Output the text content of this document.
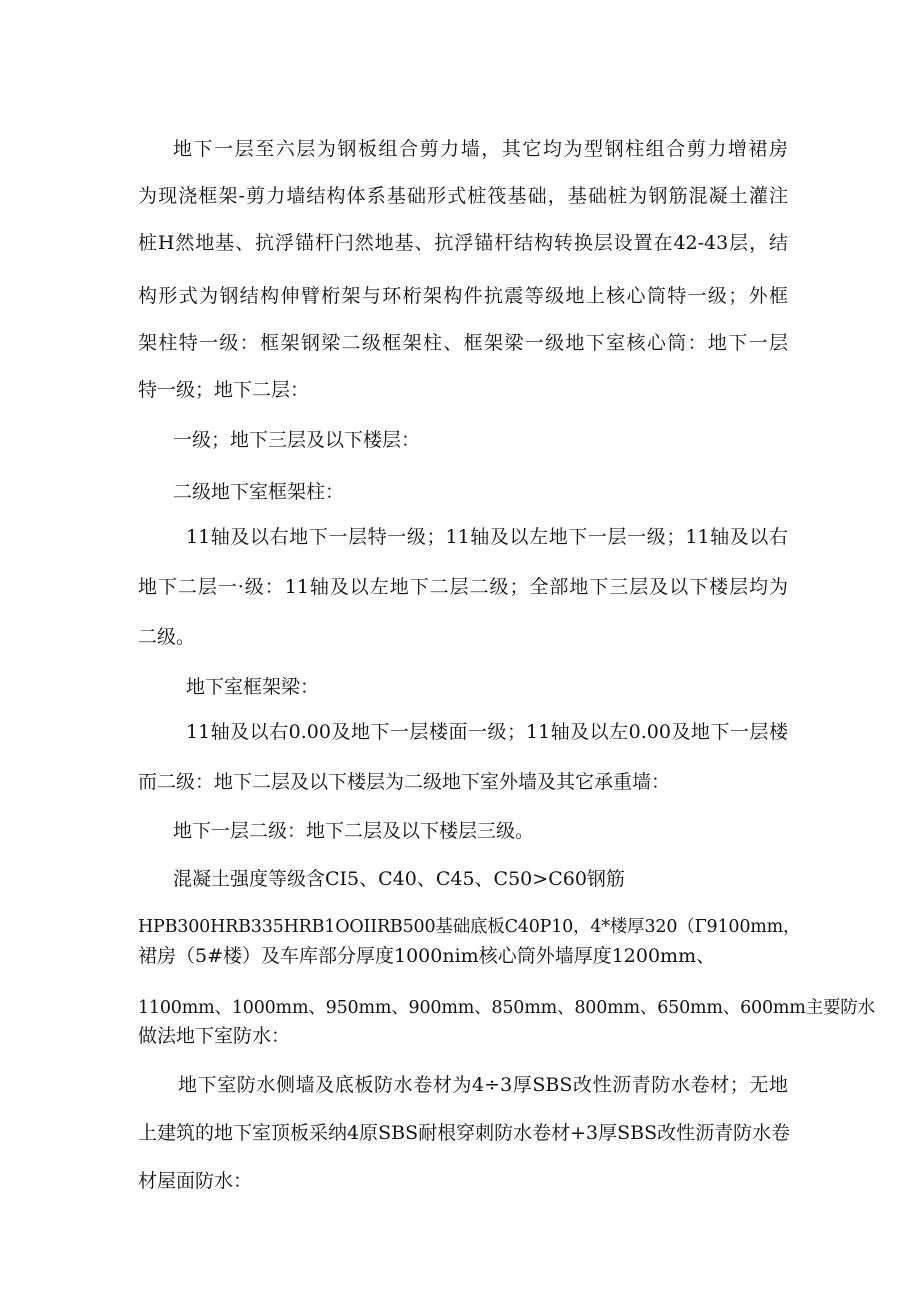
地下一层至六层为钢板组合剪力墙，其它均为型钢柱组合剪力增裙房
为现浇框架-剪力墙结构体系基础形式桩筏基础，基础桩为钢筋混凝土灌注
桩H然地基、抗浮锚杆闩然地基、抗浮锚杆结构转换层设置在42-43层，结
构形式为钢结构伸臂桁架与环桁架构件抗震等级地上核心筒特一级；外框
架柱特一级：框架钢梁二级框架柱、框架梁一级地下室核心筒：地下一层
特一级；地下二层：
一级；地下三层及以下楼层：
二级地下室框架柱：
11轴及以右地下一层特一级；11轴及以左地下一层一级；11轴及以右
地下二层一·级：11轴及以左地下二层二级；全部地下三层及以下楼层均为
二级。
地下室框架梁：
11轴及以右0.00及地下一层楼面一级；11轴及以左0.00及地下一层楼
而二级：地下二层及以下楼层为二级地下室外墙及其它承重墙：
地下一层二级：地下二层及以下楼层三级。
混凝土强度等级含CI5、C40、C45、C50>C60钢筋
HPB300HRB335HRB1OOIIRB500基础底板C40P10，4*楼厚320（Γ9100mm，
裙房（5#楼）及车库部分厚度1000nim核心筒外墙厚度1200mm、
1100mm、1000mm、950mm、900mm、850mm、800mm、650mm、600mm主要防水
做法地下室防水：
地下室防水侧墙及底板防水卷材为4÷3厚SBS改性沥青防水卷材；无地
上建筑的地下室顶板采纳4原SBS耐根穿刺防水卷材+3厚SBS改性沥青防水卷
材屋面防水：
